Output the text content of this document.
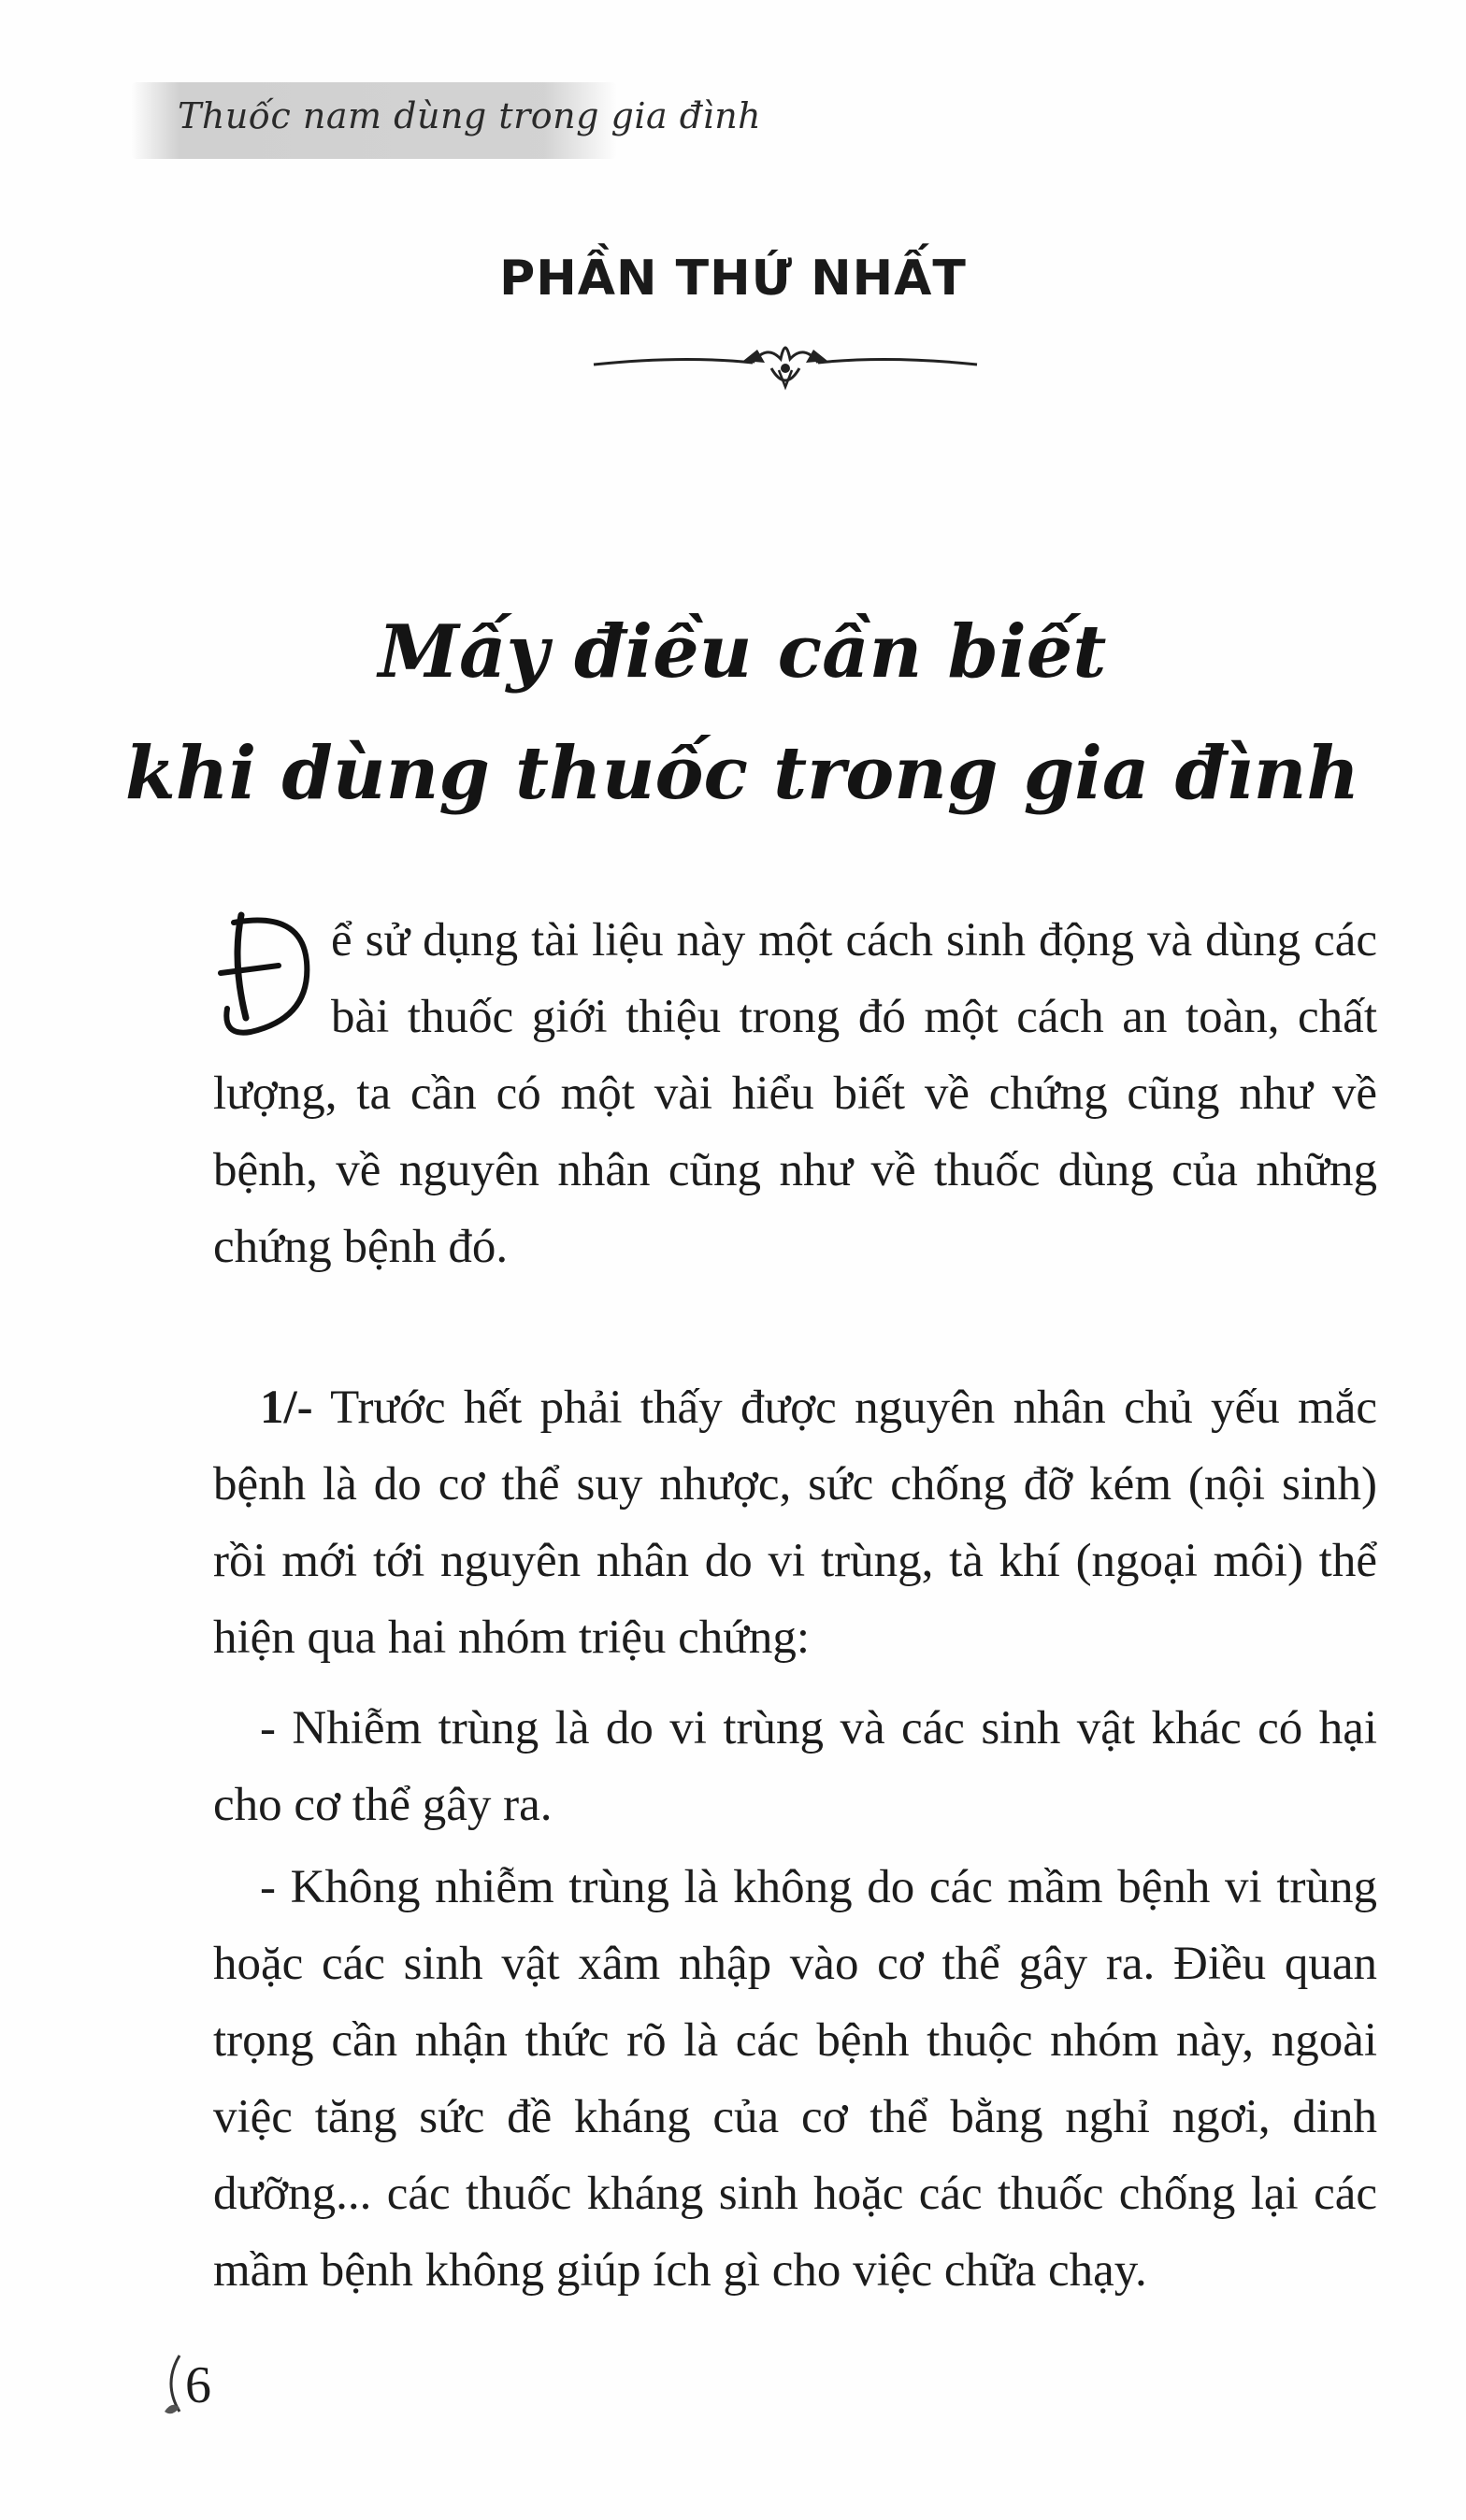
Thuốc nam dùng trong gia đình
PHẦN THỨ NHẤT
Mấy điều cần biết
khi dùng thuốc trong gia đình
Đ

ể sử dụng tài liệu này một cách sinh động và dùng các bài thuốc giới thiệu trong đó một cách an toàn, chất lượng, ta cần có một vài hiểu biết về chứng cũng như về bệnh, về nguyên nhân cũng như về thuốc dùng của những chứng bệnh đó.

1/- Trước hết phải thấy được nguyên nhân chủ yếu mắc bệnh là do cơ thể suy nhược, sức chống đỡ kém (nội sinh) rồi mới tới nguyên nhân do vi trùng, tà khí (ngoại môi) thể hiện qua hai nhóm triệu chứng:

- Nhiễm trùng là do vi trùng và các sinh vật khác có hại cho cơ thể gây ra.

- Không nhiễm trùng là không do các mầm bệnh vi trùng hoặc các sinh vật xâm nhập vào cơ thể gây ra. Điều quan trọng cần nhận thức rõ là các bệnh thuộc nhóm này, ngoài việc tăng sức đề kháng của cơ thể bằng nghỉ ngơi, dinh dưỡng... các thuốc kháng sinh hoặc các thuốc chống lại các mầm bệnh không giúp ích gì cho việc chữa chạy.

6
